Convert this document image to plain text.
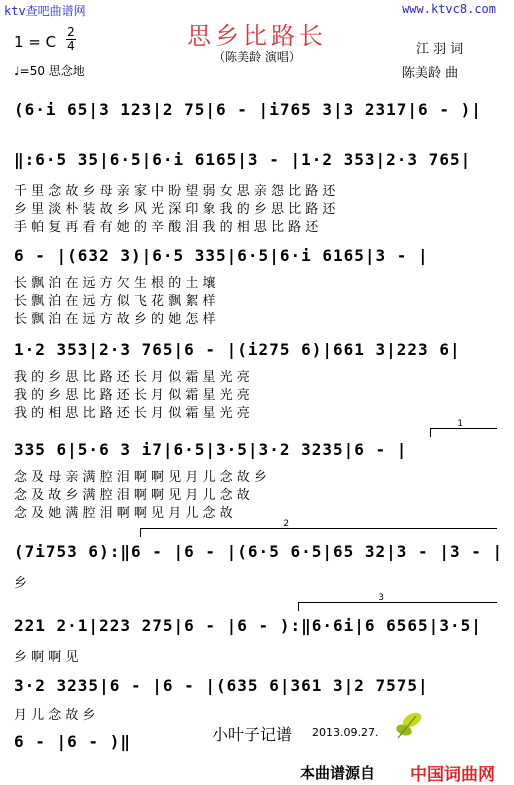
ktv查吧曲谱网	www.ktvc8.com
思乡比路长
（陈美龄 演唱）
1 = C
2
4
♩=50 思念地
江 羽 词
陈美龄 曲
(6·i 65|3 123|2 75|6 - |i765 3|3 2317|6 - )|
‖:6·5 35|6·5|6·i 6165|3 - |1·2 353|2·3 765|
千 里 念 故 乡 母 亲 家 中 盼 望 弱 女 思 亲 怨 比 路 还
乡 里 淡 朴 装 故 乡 风 光 深 印 象 我 的 乡 思 比 路 还
手 帕 复 再 看 有 她 的 辛 酸 泪 我 的 相 思 比 路 还
6 - |(632 3)|6·5 335|6·5|6·i 6165|3 - |
长 飘 泊 在 远 方 欠 生 根 的 土 壤
长 飘 泊 在 远 方 似 飞 花 飘 絮 样
长 飘 泊 在 远 方 故 乡 的 她 怎 样
1·2 353|2·3 765|6 - |(i275 6)|661 3|223 6|
我 的 乡 思 比 路 还 长 月 似 霜 星 光 亮
我 的 乡 思 比 路 还 长 月 似 霜 星 光 亮
我 的 相 思 比 路 还 长 月 似 霜 星 光 亮
1
335 6|5·6 3 i7|6·5|3·5|3·2 3235|6 - |
念 及 母 亲 满 腔 泪 啊 啊 见 月 儿 念 故 乡
念 及 故 乡 满 腔 泪 啊 啊 见 月 儿 念 故
念 及 她 满 腔 泪 啊 啊 见 月 儿 念 故
2
(7i753 6):‖6 - |6 - |(6·5 6·5|65 32|3 - |3 - |
乡
3
221 2·1|223 275|6 - |6 - ):‖6·6i|6 6565|3·5|
乡 啊 啊 见
3·2 3235|6 - |6 - |(635 6|361 3|2 7575|
月 儿 念 故 乡
6 - |6 - )‖	小叶子记谱 2013.09.27.
本曲谱源自 中国词曲网
